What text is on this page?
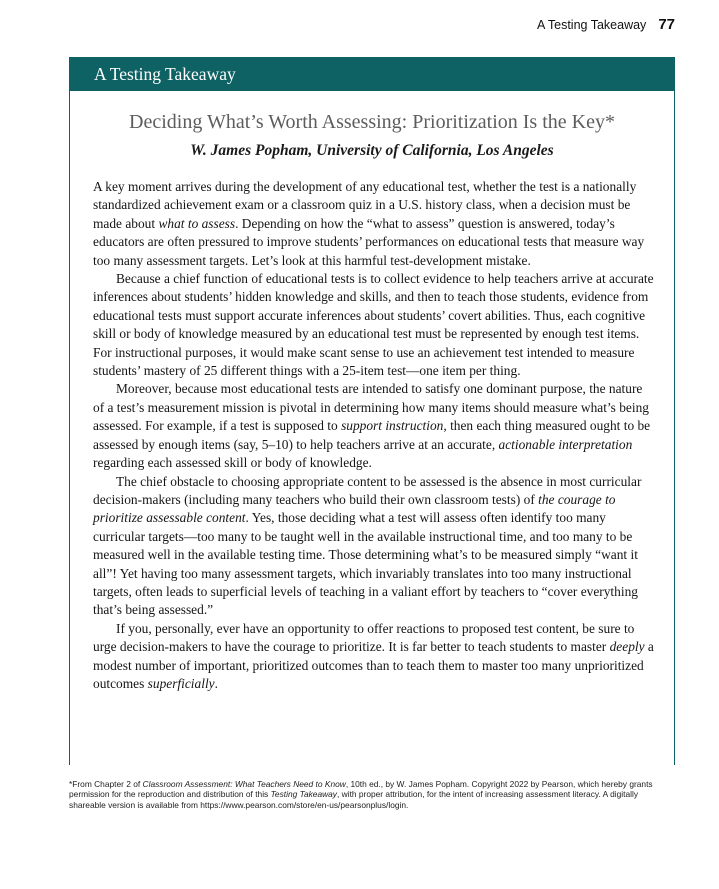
A Testing Takeaway 77
A Testing Takeaway
Deciding What’s Worth Assessing: Prioritization Is the Key*
W. James Popham, University of California, Los Angeles

A key moment arrives during the development of any educational test, whether the test is a nationally standardized achievement exam or a classroom quiz in a U.S. history class, when a decision must be made about what to assess. Depending on how the “what to assess” question is answered, today’s educators are often pressured to improve students’ performances on educational tests that measure way too many assessment targets. Let’s look at this harmful test-development mistake.

Because a chief function of educational tests is to collect evidence to help teachers arrive at accurate inferences about students’ hidden knowledge and skills, and then to teach those students, evidence from educational tests must support accurate inferences about students’ covert abilities. Thus, each cognitive skill or body of knowledge measured by an educational test must be represented by enough test items. For instructional purposes, it would make scant sense to use an achievement test intended to measure students’ mastery of 25 different things with a 25-item test—one item per thing.

Moreover, because most educational tests are intended to satisfy one dominant purpose, the nature of a test’s measurement mission is pivotal in determining how many items should measure what’s being assessed. For example, if a test is supposed to support instruction, then each thing measured ought to be assessed by enough items (say, 5–10) to help teachers arrive at an accurate, actionable interpretation regarding each assessed skill or body of knowledge.

The chief obstacle to choosing appropriate content to be assessed is the absence in most curricular decision-makers (including many teachers who build their own classroom tests) of the courage to prioritize assessable content. Yes, those deciding what a test will assess often identify too many curricular targets—too many to be taught well in the available instructional time, and too many to be measured well in the available testing time. Those determining what’s to be measured simply “want it all”! Yet having too many assessment targets, which invariably translates into too many instructional targets, often leads to superficial levels of teaching in a valiant effort by teachers to “cover everything that’s being assessed.”

If you, personally, ever have an opportunity to offer reactions to proposed test content, be sure to urge decision-makers to have the courage to prioritize. It is far better to teach students to master deeply a modest number of important, prioritized outcomes than to teach them to master too many unprioritized outcomes superficially.

*From Chapter 2 of Classroom Assessment: What Teachers Need to Know, 10th ed., by W. James Popham. Copyright 2022 by Pearson, which hereby grants permission for the reproduction and distribution of this Testing Takeaway, with proper attribution, for the intent of increasing assessment literacy. A digitally shareable version is available from https://www.pearson.com/store/en-us/pearsonplus/login.
